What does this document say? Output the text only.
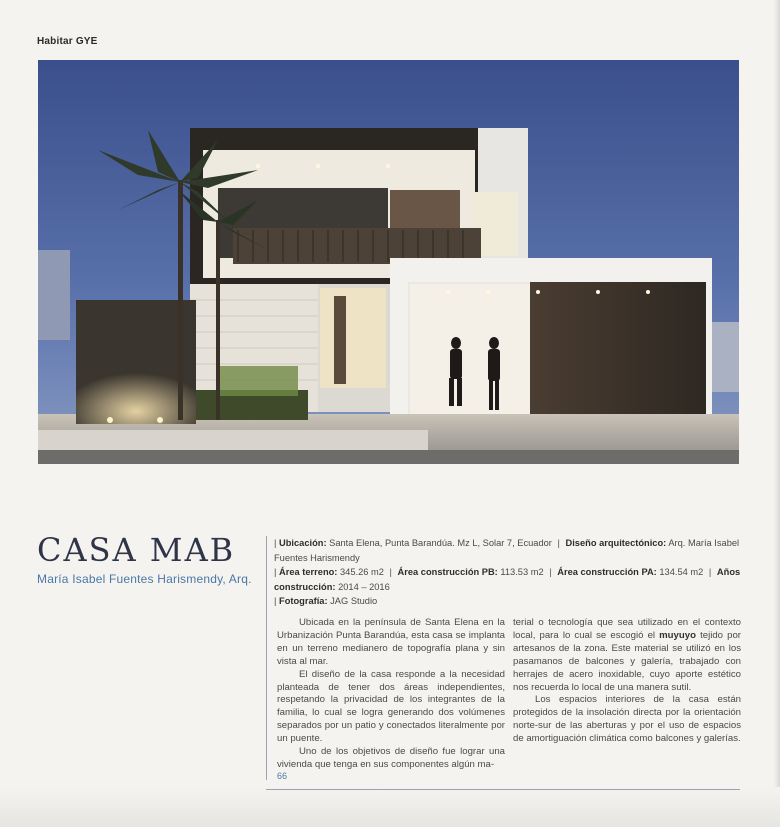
Habitar GYE
CASA MAB
María Isabel Fuentes Harismendy, Arq.
| Ubicación: Santa Elena, Punta Barandúa. Mz L, Solar 7, Ecuador | Diseño arquitectónico: Arq. María Isabel Fuentes Harismendy
| Área terreno: 345.26 m2 | Área construcción PB: 113.53 m2 | Área construcción PA: 134.54 m2 | Años construcción: 2014 – 2016
| Fotografía: JAG Studio

Ubicada en la península de Santa Elena en la Urbanización Punta Barandúa, esta casa se implanta en un terreno medianero de topografía plana y sin vista al mar.

El diseño de la casa responde a la necesidad planteada de tener dos áreas independientes, respetando la privacidad de los integrantes de la familia, lo cual se logra generando dos volúmenes separados por un patio y conectados literalmente por un puente.

Uno de los objetivos de diseño fue lograr una vivienda que tenga en sus componentes algún ma-

terial o tecnología que sea utilizado en el contexto local, para lo cual se escogió el muyuyo tejido por artesanos de la zona. Este material se utilizó en los pasamanos de balcones y galería, trabajado con herrajes de acero inoxidable, cuyo aporte estético nos recuerda lo local de una manera sutil.

Los espacios interiores de la casa están protegidos de la insolación directa por la orientación norte-sur de las aberturas y por el uso de espacios de amortiguación climática como balcones y galerías.

66
